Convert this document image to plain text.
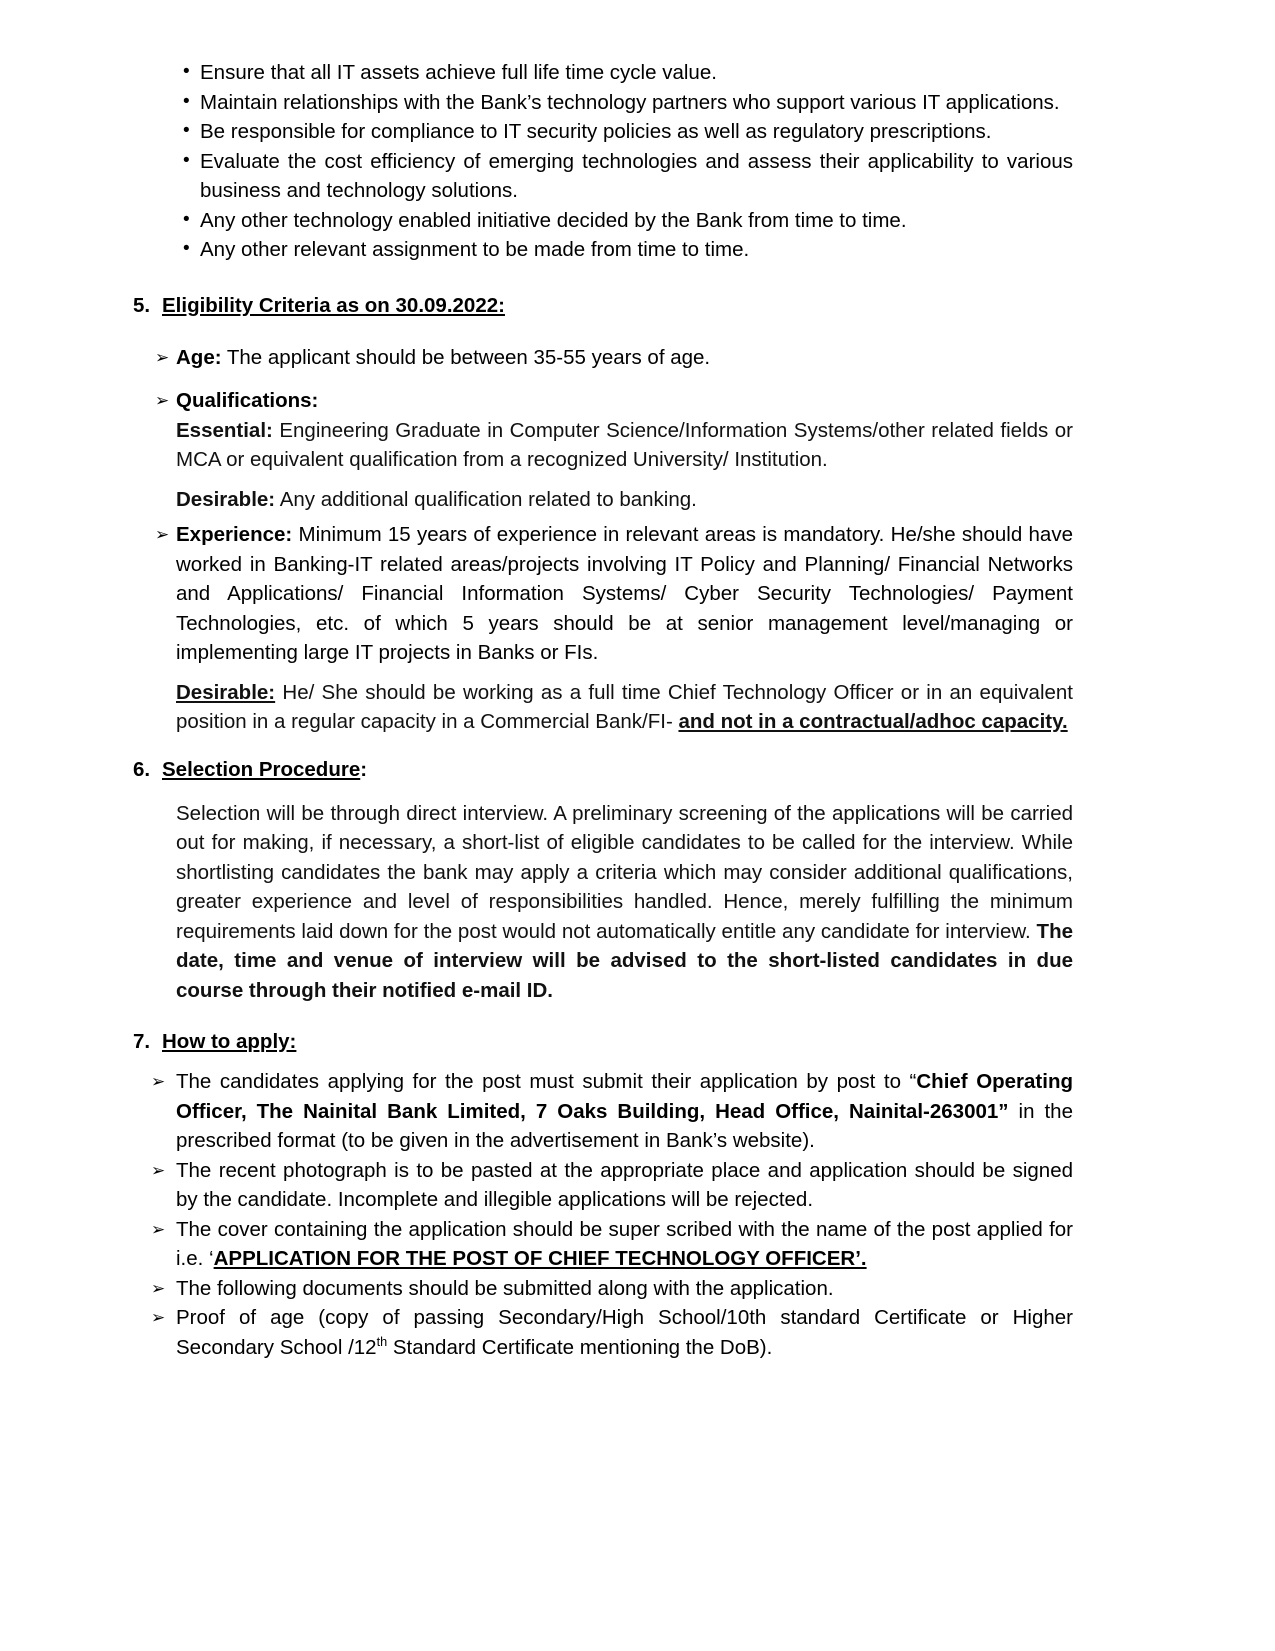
• Ensure that all IT assets achieve full life time cycle value.
• Maintain relationships with the Bank’s technology partners who support various IT applications.
• Be responsible for compliance to IT security policies as well as regulatory prescriptions.
• Evaluate the cost efficiency of emerging technologies and assess their applicability to various business and technology solutions.
• Any other technology enabled initiative decided by the Bank from time to time.
• Any other relevant assignment to be made from time to time.
5. Eligibility Criteria as on 30.09.2022:
➢ Age: The applicant should be between 35-55 years of age.
➢ Qualifications:
Essential: Engineering Graduate in Computer Science/Information Systems/other related fields or MCA or equivalent qualification from a recognized University/ Institution.
Desirable: Any additional qualification related to banking.
➢ Experience: Minimum 15 years of experience in relevant areas is mandatory. He/she should have worked in Banking-IT related areas/projects involving IT Policy and Planning/ Financial Networks and Applications/ Financial Information Systems/ Cyber Security Technologies/ Payment Technologies, etc. of which 5 years should be at senior management level/managing or implementing large IT projects in Banks or FIs.
Desirable: He/ She should be working as a full time Chief Technology Officer or in an equivalent position in a regular capacity in a Commercial Bank/FI- and not in a contractual/adhoc capacity.
6. Selection Procedure:
Selection will be through direct interview. A preliminary screening of the applications will be carried out for making, if necessary, a short-list of eligible candidates to be called for the interview. While shortlisting candidates the bank may apply a criteria which may consider additional qualifications, greater experience and level of responsibilities handled. Hence, merely fulfilling the minimum requirements laid down for the post would not automatically entitle any candidate for interview. The date, time and venue of interview will be advised to the short-listed candidates in due course through their notified e-mail ID.
7. How to apply:
➢ The candidates applying for the post must submit their application by post to “Chief Operating Officer, The Nainital Bank Limited, 7 Oaks Building, Head Office, Nainital-263001” in the prescribed format (to be given in the advertisement in Bank’s website).
➢ The recent photograph is to be pasted at the appropriate place and application should be signed by the candidate. Incomplete and illegible applications will be rejected.
➢ The cover containing the application should be super scribed with the name of the post applied for i.e. ‘APPLICATION FOR THE POST OF CHIEF TECHNOLOGY OFFICER’.
➢ The following documents should be submitted along with the application.
➢ Proof of age (copy of passing Secondary/High School/10th standard Certificate or Higher Secondary School /12th Standard Certificate mentioning the DoB).
